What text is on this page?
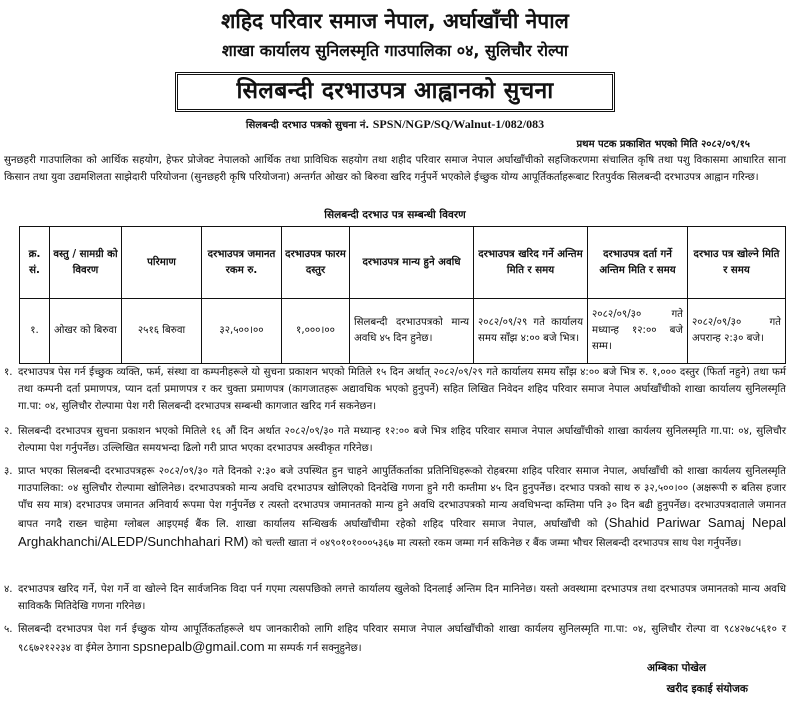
शहिद परिवार समाज नेपाल, अर्घाखाँची नेपाल
शाखा कार्यालय सुनिलस्मृति गाउपालिका ०४, सुलिचौर रोल्पा
सिलबन्दी दरभाउपत्र आह्वानको सुचना
सिलबन्दी दरभाउ पत्रको सुचना नं. SPSN/NGP/SQ/Walnut-1/082/083
प्रथम पटक प्रकाशित भएको मिति २०८२/०९/१५

सुनछहरी गाउपालिका को आर्थिक सहयोग, हेफर प्रोजेक्ट नेपालको आर्थिक तथा प्राविधिक सहयोग तथा शहीद परिवार समाज नेपाल अर्घाखाँचीको सहजिकरणमा संचालित कृषि तथा पशु विकासमा आधारित साना किसान तथा युवा उद्यमशिलता साझेदारी परियोजना (सुनछहरी कृषि परियोजना) अन्तर्गत ओखर को बिरुवा खरिद गर्नुपर्ने भएकोले ईच्छुक योग्य आपूर्तिकर्ताहरूबाट रितपुर्वक सिलबन्दी दरभाउपत्र आह्वान गरिन्छ।

सिलबन्दी दरभाउ पत्र सम्बन्धी विवरण
क्र. सं.	वस्तु / सामग्री को विवरण	परिमाण	दरभाउपत्र जमानत रकम रु.	दरभाउपत्र फारम दस्तुर	दरभाउपत्र मान्य हुने अवधि	दरभाउपत्र खरिद गर्ने अन्तिम मिति र समय	दरभाउपत्र दर्ता गर्ने अन्तिम मिति र समय	दरभाउ पत्र खोल्ने मिति र समय
१.	ओखर को बिरुवा	२५१६ बिरुवा	३२,५००।००	१,०००।००	सिलबन्दी दरभाउपत्रको मान्य अवधि ४५ दिन हुनेछ।	२०८२/०९/२९ गते कार्यालय समय साँझ ४:०० बजे भित्र।	२०८२/०९/३० गते मध्यान्ह १२:०० बजे सम्म।	२०८२/०९/३० गते अपरान्ह २:३० बजे।
१. दरभाउपत्र पेस गर्न ईच्छुक व्यक्ति, फर्म, संस्था वा कम्पनीहरूले यो सुचना प्रकाशन भएको मितिले १५ दिन अर्थात् २०८२/०९/२९ गते कार्यालय समय साँझ ४:०० बजे भित्र रु. १,००० दस्तुर (फिर्ता नहुने) तथा फर्म तथा कम्पनी दर्ता प्रमाणपत्र, प्यान दर्ता प्रमाणपत्र र कर चुक्ता प्रमाणपत्र (कागजातहरू अद्यावधिक भएको हुनुपर्ने) सहित लिखित निवेदन शहिद परिवार समाज नेपाल अर्घाखाँचीको शाखा कार्यालय सुनिलस्मृति गा.पा: ०४, सुलिचौर रोल्पामा पेश गरी सिलबन्दी दरभाउपत्र सम्बन्धी कागजात खरिद गर्न सकनेछन।
२. सिलबन्दी दरभाउपत्र सुचना प्रकाशन भएको मितिले १६ औं दिन अर्थात २०८२/०९/३० गते मध्यान्ह १२:०० बजे भित्र शहिद परिवार समाज नेपाल अर्घाखाँचीको शाखा कार्यलय सुनिलस्मृति गा.पा: ०४, सुलिचौर रोल्पामा पेश गर्नुपर्नेछ। उल्लिखित समयभन्दा ढिलो गरी प्राप्त भएका दरभाउपत्र अस्वीकृत गरिनेछ।
३. प्राप्त भएका सिलबन्दी दरभाउपत्रहरू २०८२/०९/३० गते दिनको २:३० बजे उपस्थित हुन चाहने आपुर्तिकर्ताका प्रतिनिधिहरूको रोहबरमा शहिद परिवार समाज नेपाल, अर्घाखाँची को शाखा कार्यलय सुनिलस्मृति गाउपालिका: ०४ सुलिचौर रोल्पामा खोलिनेछ। दरभाउपत्रको मान्य अवधि दरभाउपत्र खोलिएको दिनदेखि गणना हुने गरी कम्तीमा ४५ दिन हुनुपर्नेछ। दरभाउ पत्रको साथ रु ३२,५००।०० (अक्षरूपी रु बतिस हजार पाँच सय मात्र) दरभाउपत्र जमानत अनिवार्य रूपमा पेश गर्नुपर्नेछ र त्यस्तो दरभाउपत्र जमानतको मान्य हुने अवधि दरभाउपत्रको मान्य अवधिभन्दा कम्तिमा पनि ३० दिन बढी हुनुपर्नेछ। दरभाउपत्रदाताले जमानत बापत नगदै राख्न चाहेमा ग्लोबल आइएमई बैंक लि. शाखा कार्यालय सन्धिखर्क अर्घाखाँचीमा रहेको शहिद परिवार समाज नेपाल, अर्घाखाँची को (Shahid Pariwar Samaj Nepal Arghakhanchi/ALEDP/Sunchhahari RM) को चल्ती खाता नं ०४९०१०१०००५३६७ मा त्यस्तो रकम जम्मा गर्न सकिनेछ र बैंक जम्मा भौचर सिलबन्दी दरभाउपत्र साथ पेश गर्नुपर्नेछ।
४. दरभाउपत्र खरिद गर्ने, पेश गर्ने वा खोल्ने दिन सार्वजनिक विदा पर्न गएमा त्यसपछिको लगत्ते कार्यालय खुलेको दिनलाई अन्तिम दिन मानिनेछ। यस्तो अवस्थामा दरभाउपत्र तथा दरभाउपत्र जमानतको मान्य अवधि साविककै मितिदेखि गणना गरिनेछ।
५. सिलबन्दी दरभाउपत्र पेश गर्न ईच्छुक योग्य आपूर्तिकर्ताहरूले थप जानकारीको लागि शहिद परिवार समाज नेपाल अर्घाखाँचीको शाखा कार्यलय सुनिलस्मृति गा.पा: ०४, सुलिचौर रोल्पा वा ९८४२७८५६१० र ९८६७२१२२३४ वा ईमेल ठेगाना spsnepalb@gmail.com मा सम्पर्क गर्न सक्नुहुनेछ।
अम्बिका पोखेल
खरीद इकाई संयोजक
